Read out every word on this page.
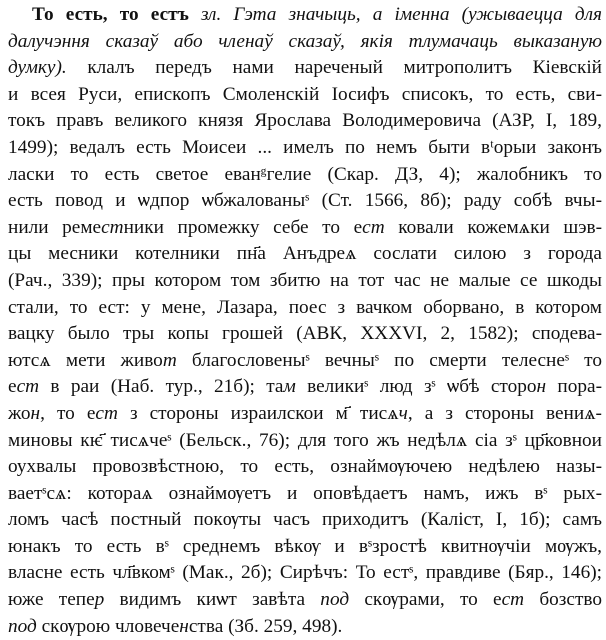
То есть, то естъ зл. Гэта значыць, а іменна (ужываецца для
далучэння сказаў або членаў сказаў, якія тлумачаць выказаную
думку). клалъ передъ нами нареченый митрополитъ Кіевскій
и всея Руси, епископъ Смоленскій Іосифъ списокъ, то есть, сви-
токъ правъ великого князя Ярослава Володимеровича (АЗР, І, 189,
1499); ведалъ есть Моисеи ... имелъ по немъ быти вᵗорыи законъ
ласки то есть светое еванᵍгелие (Скар. ДЗ, 4); жалобникъ то
есть повод и ѡдпор ѡбжалованыˢ (Ст. 1566, 8б); раду собѣ вчы-
нили реместники промежку себе то ест ковали кожемѧки шэв-
цы месники котелники пн҃а Анъдреѧ сослати силою з города
(Рач., 339); пры котором том збитю на тот час не малые се шкоды
стали, то ест: у мене, Лазара, поес з вачком оборвано, в котором
вацку было тры копы грошей (АВК, XXXVI, 2, 1582); сподева-
ютсѧ мети живот благословеныˢ вечныˢ по смерти телеснеˢ то
ест в раи (Наб. тур., 21б); там великиˢ люд зˢ ѡбѣ сторон пора-
жон, то ест з стороны израилскои м҃ тисѧч, а з стороны вениѧ-
миновы кѥ҃ тисѧчеˢ (Бельск., 76); для того жъ недѣлѧ сіа зˢ цр҃ковнои
оухвалы провозвѣстною, то есть, ознаймѹючею недѣлею назы-
ваетˢсѧ: котораѧ ознаймѹетъ и оповѣдаетъ намъ, ижъ вˢ рых-
ломъ часѣ постный покѹты часъ приходитъ (Каліст, І, 1б); самъ
юнакъ то есть вˢ среднемъ вѣкѹ и вˢзростѣ квитнѹчіи мѹжъ,
власне есть чл҃вкомˢ (Мак., 2б); Сирѣчъ: То естˢ, правдиве (Бяр., 146);
юже тепер видимъ киѡт завѣта под скѹрами, то ест бозство
под скѹрою чловеченства (Зб. 259, 498).
